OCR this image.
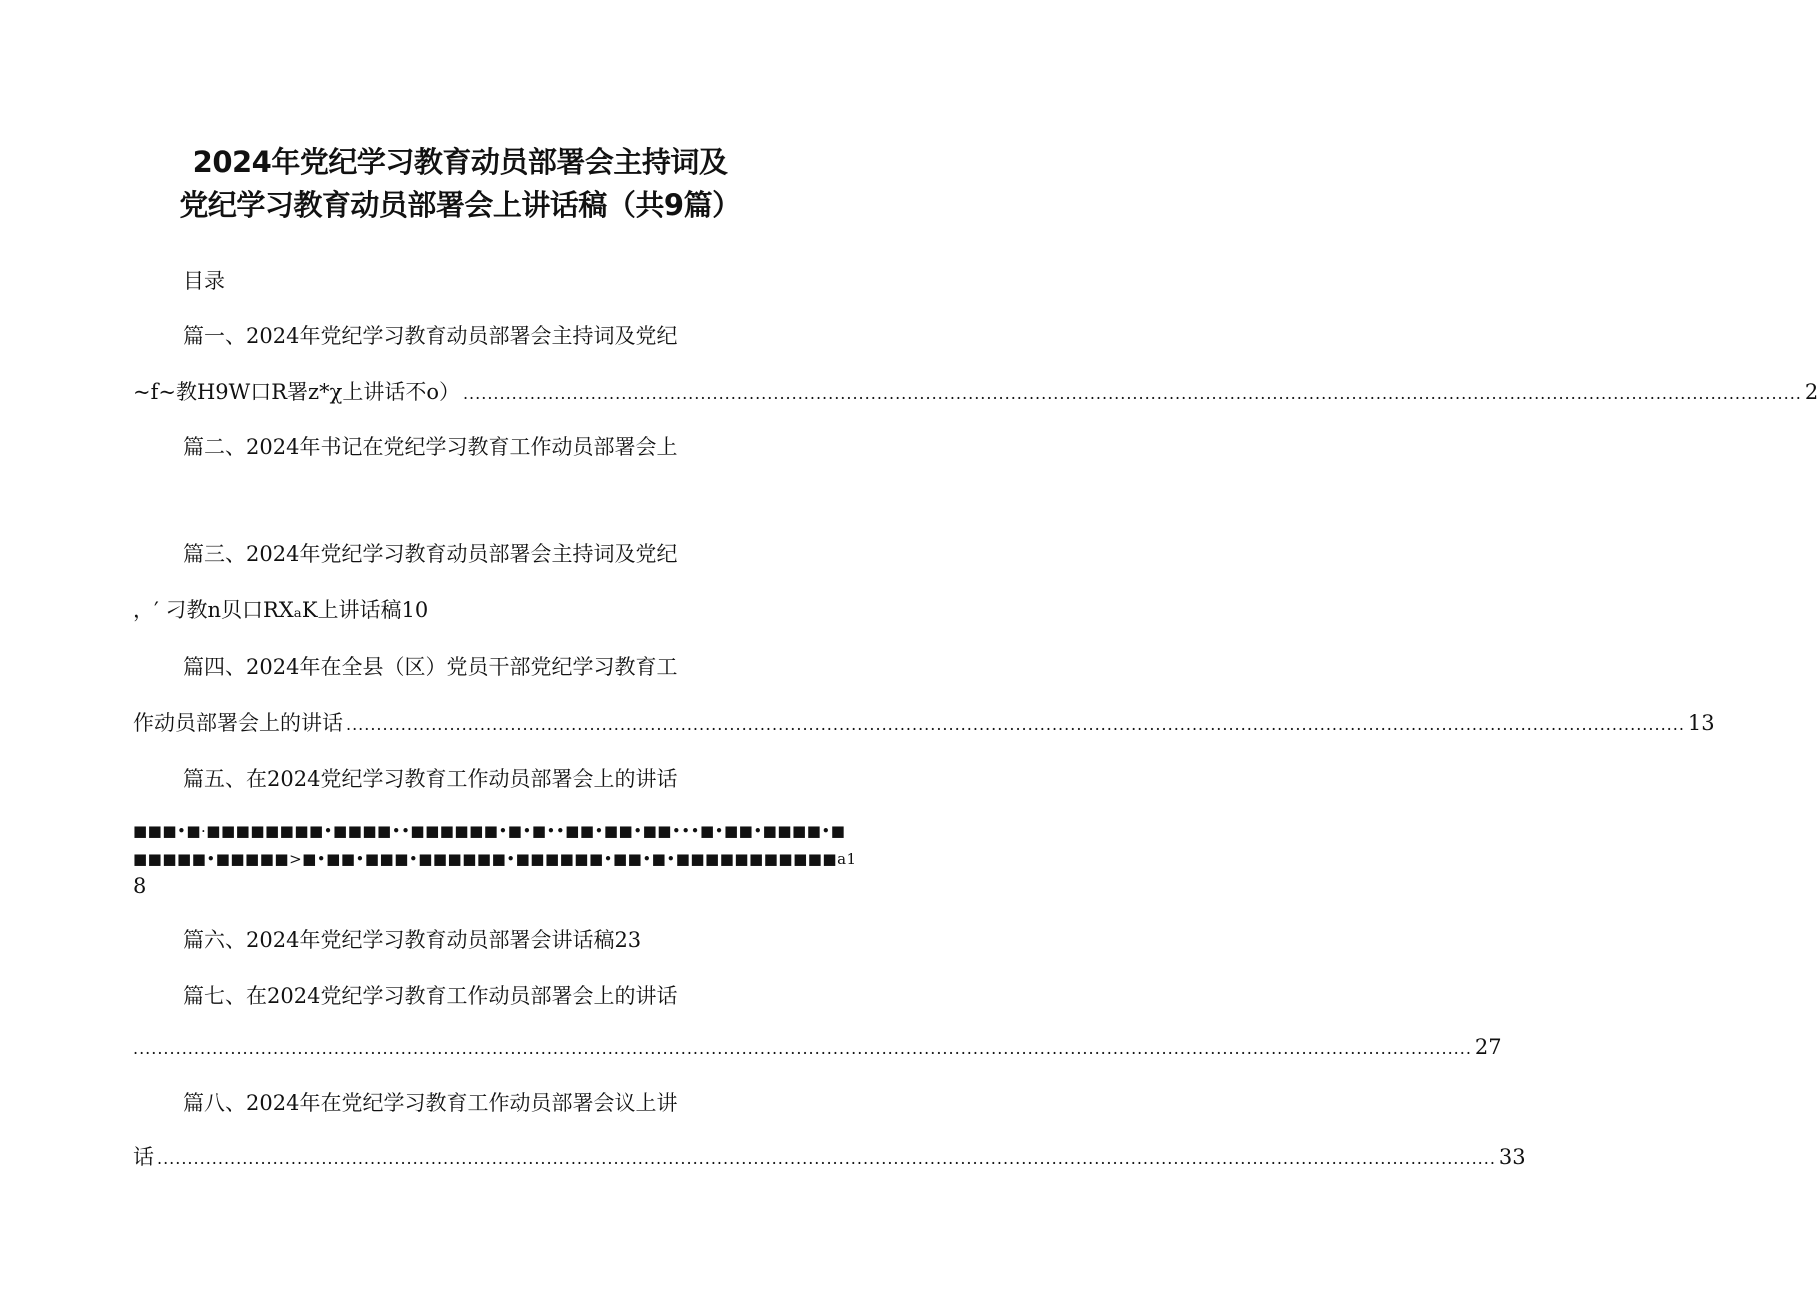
2024年党纪学习教育动员部署会主持词及
党纪学习教育动员部署会上讲话稿（共9篇）
目录
篇一、2024年党纪学习教育动员部署会主持词及党纪
~f~教H9W口R署z*χ上讲话不o） ............................................................................................................................................................................................................................ 2
篇二、2024年书记在党纪学习教育工作动员部署会上
篇三、2024年党纪学习教育动员部署会主持词及党纪
，′ 刁教n贝口RXₐK上讲话稿10
篇四、2024年在全县（区）党员干部党纪学习教育工
作动员部署会上的讲话 ............................................................................................................................................................................................................................ 13
篇五、在2024党纪学习教育工作动员部署会上的讲话
■■■•■·■■■■■■■■•■■■■••■■■■■■•■•■••■■•■■•■■•••■•■■•■■■■•■
■■■■■•■■■■■>■•■■•■■■•■■■■■■•■■■■■■•■■•■•■■■■■■■■■■■a1
8
篇六、2024年党纪学习教育动员部署会讲话稿23
篇七、在2024党纪学习教育工作动员部署会上的讲话
............................................................................................................................................................................................................................ 27
篇八、2024年在党纪学习教育工作动员部署会议上讲
话 ............................................................................................................................................................................................................................ 33
